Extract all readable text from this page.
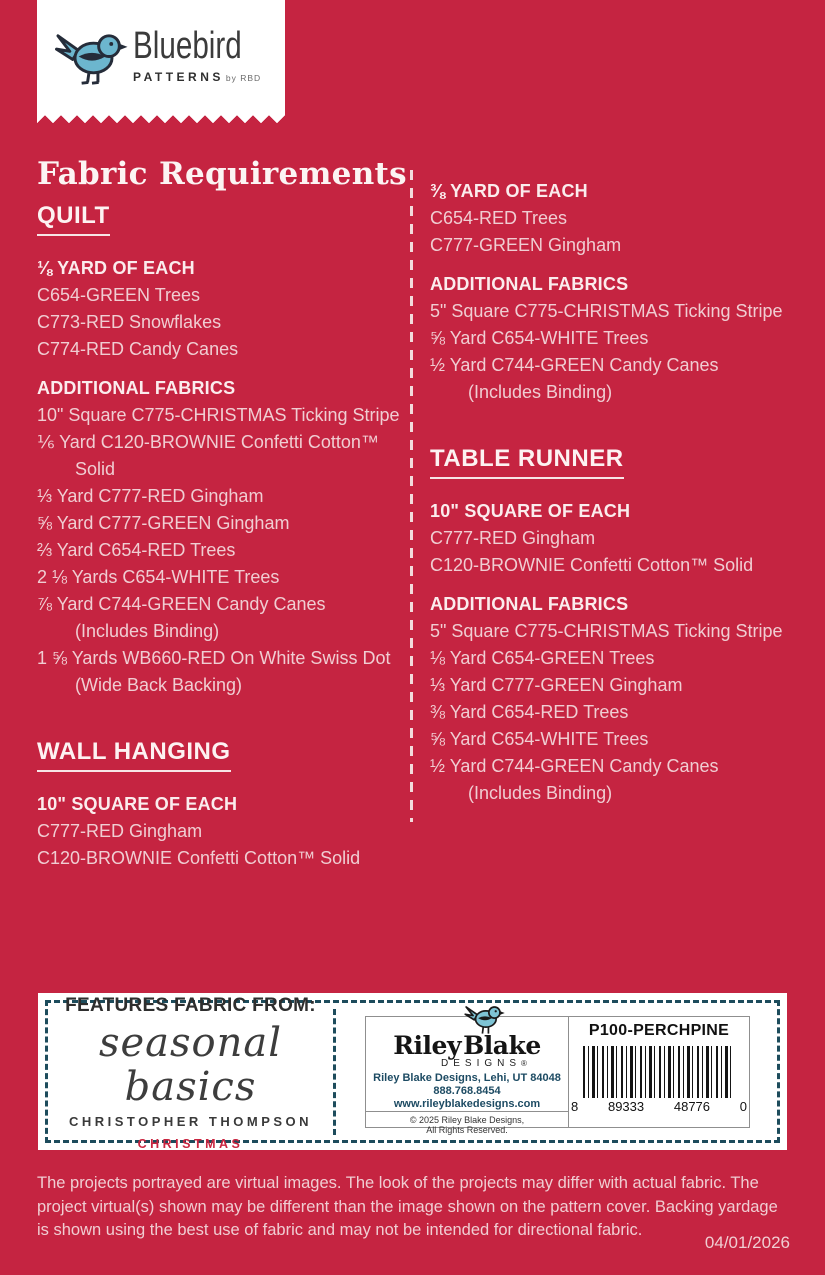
Bluebird
PATTERNS by RBD
Fabric Requirements
QUILT
⅛ YARD OF EACH
C654-GREEN Trees
C773-RED Snowflakes
C774-RED Candy Canes
ADDITIONAL FABRICS
10" Square C775-CHRISTMAS Ticking Stripe
⅙ Yard C120-BROWNIE Confetti Cotton™
Solid
⅓ Yard C777-RED Gingham
⅝ Yard C777-GREEN Gingham
⅔ Yard C654-RED Trees
2 ⅛ Yards C654-WHITE Trees
⅞ Yard C744-GREEN Candy Canes
(Includes Binding)
1 ⅝ Yards WB660-RED On White Swiss Dot
(Wide Back Backing)
WALL HANGING
10" SQUARE OF EACH
C777-RED Gingham
C120-BROWNIE Confetti Cotton™ Solid
⅜ YARD OF EACH
C654-RED Trees
C777-GREEN Gingham
ADDITIONAL FABRICS
5" Square C775-CHRISTMAS Ticking Stripe
⅝ Yard C654-WHITE Trees
½ Yard C744-GREEN Candy Canes
(Includes Binding)
TABLE RUNNER
10" SQUARE OF EACH
C777-RED Gingham
C120-BROWNIE Confetti Cotton™ Solid
ADDITIONAL FABRICS
5" Square C775-CHRISTMAS Ticking Stripe
⅛ Yard C654-GREEN Trees
⅓ Yard C777-GREEN Gingham
⅜ Yard C654-RED Trees
⅝ Yard C654-WHITE Trees
½ Yard C744-GREEN Candy Canes
(Includes Binding)
FEATURES FABRIC FROM:
seasonal basics
CHRISTOPHER THOMPSON
CHRISTMAS
Riley Blake
DESIGNS®
Riley Blake Designs, Lehi, UT 84048
888.768.8454
www.rileyblakedesigns.com
© 2025 Riley Blake Designs,
All Rights Reserved.
P100-PERCHPINE
8 89333 48776 0

The projects portrayed are virtual images. The look of the projects may differ with actual fabric. The project virtual(s) shown may be different than the image shown on the pattern cover. Backing yardage is shown using the best use of fabric and may not be intended for directional fabric.

04/01/2026
